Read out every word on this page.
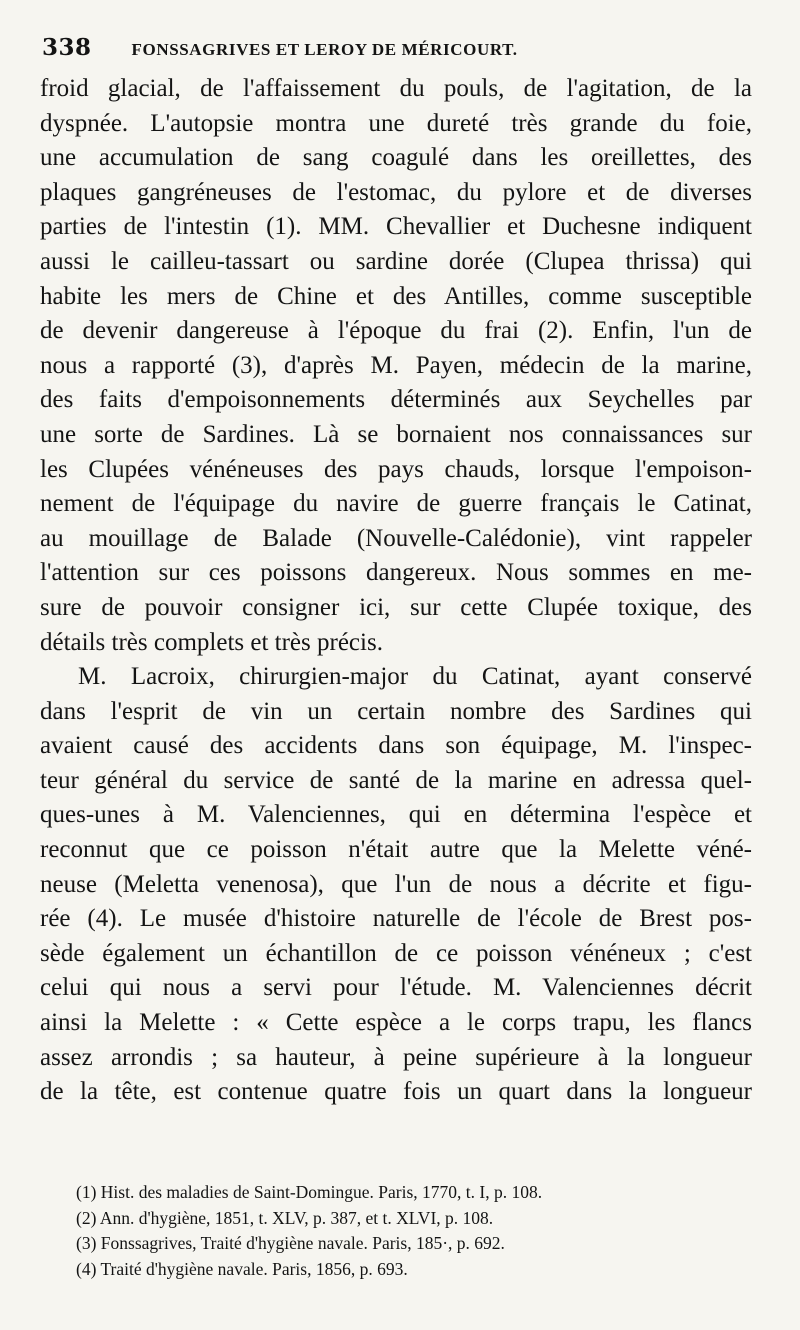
338 FONSSAGRIVES ET LEROY DE MÉRICOURT.
froid glacial, de l'affaissement du pouls, de l'agitation, de la
dyspnée. L'autopsie montra une dureté très grande du foie,
une accumulation de sang coagulé dans les oreillettes, des
plaques gangréneuses de l'estomac, du pylore et de diverses
parties de l'intestin (1). MM. Chevallier et Duchesne indiquent
aussi le cailleu-tassart ou sardine dorée (Clupea thrissa) qui
habite les mers de Chine et des Antilles, comme susceptible
de devenir dangereuse à l'époque du frai (2). Enfin, l'un de
nous a rapporté (3), d'après M. Payen, médecin de la marine,
des faits d'empoisonnements déterminés aux Seychelles par
une sorte de Sardines. Là se bornaient nos connaissances sur
les Clupées vénéneuses des pays chauds, lorsque l'empoison-
nement de l'équipage du navire de guerre français le Catinat,
au mouillage de Balade (Nouvelle-Calédonie), vint rappeler
l'attention sur ces poissons dangereux. Nous sommes en me-
sure de pouvoir consigner ici, sur cette Clupée toxique, des
détails très complets et très précis.
M. Lacroix, chirurgien-major du Catinat, ayant conservé
dans l'esprit de vin un certain nombre des Sardines qui
avaient causé des accidents dans son équipage, M. l'inspec-
teur général du service de santé de la marine en adressa quel-
ques-unes à M. Valenciennes, qui en détermina l'espèce et
reconnut que ce poisson n'était autre que la Melette véné-
neuse (Meletta venenosa), que l'un de nous a décrite et figu-
rée (4). Le musée d'histoire naturelle de l'école de Brest pos-
sède également un échantillon de ce poisson vénéneux ; c'est
celui qui nous a servi pour l'étude. M. Valenciennes décrit
ainsi la Melette : « Cette espèce a le corps trapu, les flancs
assez arrondis ; sa hauteur, à peine supérieure à la longueur
de la tête, est contenue quatre fois un quart dans la longueur
(1) Hist. des maladies de Saint-Domingue. Paris, 1770, t. I, p. 108.
(2) Ann. d'hygiène, 1851, t. XLV, p. 387, et t. XLVI, p. 108.
(3) Fonssagrives, Traité d'hygiène navale. Paris, 185·, p. 692.
(4) Traité d'hygiène navale. Paris, 1856, p. 693.
